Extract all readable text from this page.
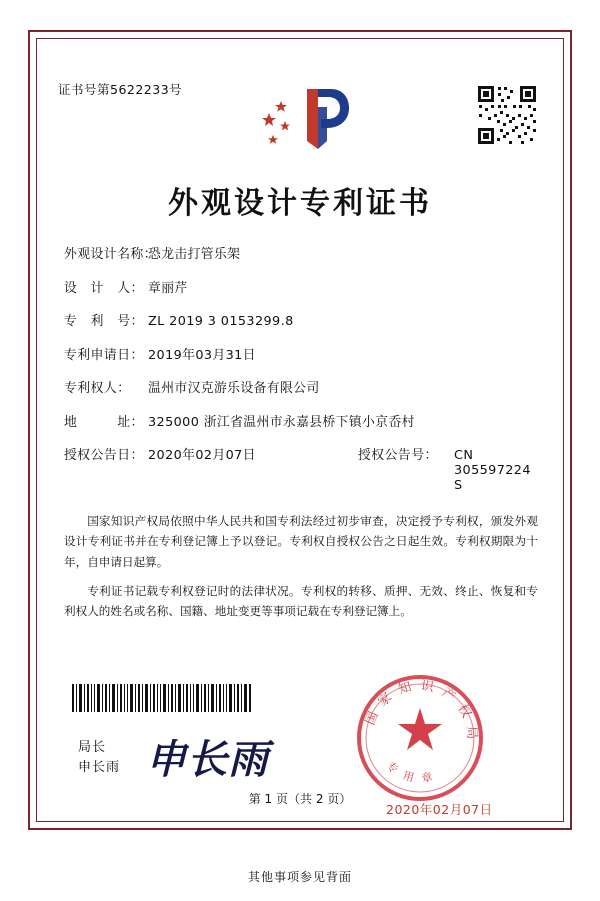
证书号第5622233号
外观设计专利证书
外观设计名称：
恐龙击打管乐架
设　计　人： 章丽芹
专　利　号： ZL 2019 3 0153299.8
专利申请日： 2019年03月31日
专利权人：	温州市汉克游乐设备有限公司
地　　　址： 325000 浙江省温州市永嘉县桥下镇小京岙村
授权公告日： 2020年02月07日	授权公告号：	CN 305597224 S
国家知识产权局依照中华人民共和国专利法经过初步审查，决定授予专利权，颁发外观设计专利证书并在专利登记簿上予以登记。专利权自授权公告之日起生效。专利权期限为十年，自申请日起算。
专利证书记载专利权登记时的法律状况。专利权的转移、质押、无效、终止、恢复和专利权人的姓名或名称、国籍、地址变更等事项记载在专利登记簿上。
国 家 知 识 产 权 局
专 用 章
2020年02月07日
局长
申长雨 申长雨
第 1 页（共 2 页）
其他事项参见背面
